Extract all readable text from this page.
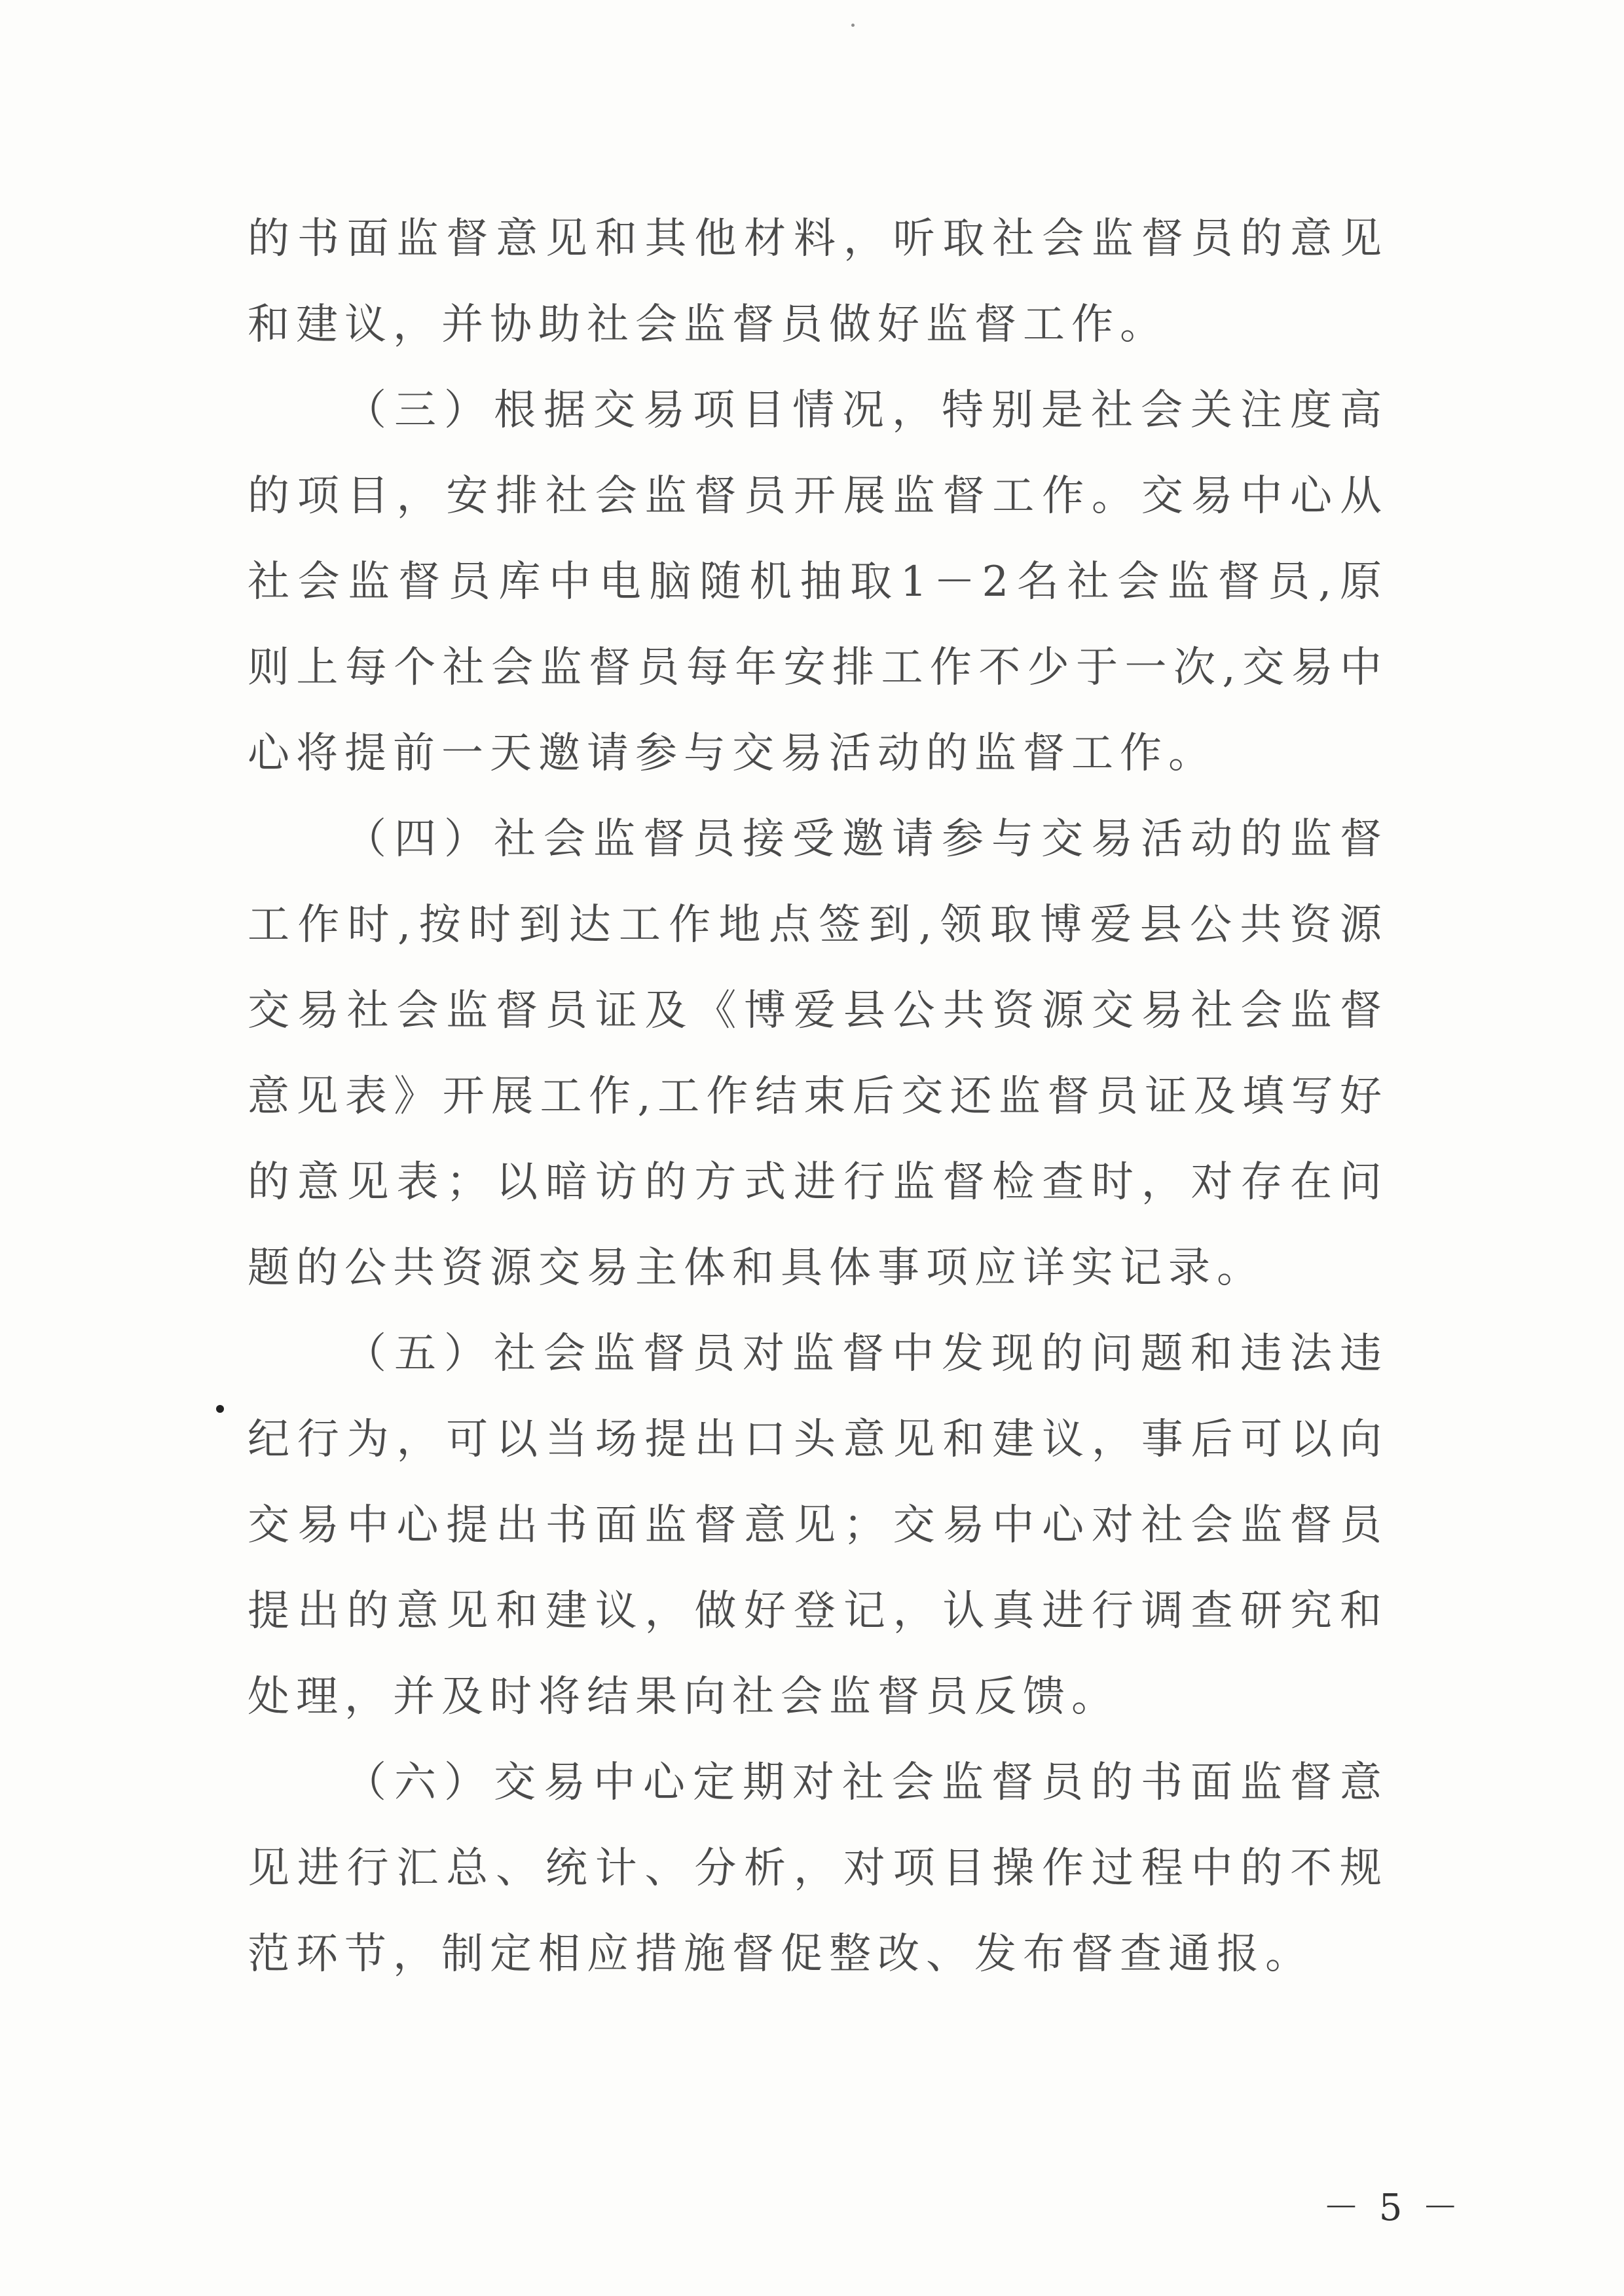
的书面监督意见和其他材料，听取社会监督员的意见和建议，并协助社会监督员做好监督工作。

（三）根据交易项目情况，特别是社会关注度高的项目，安排社会监督员开展监督工作。交易中心从社会监督员库中电脑随机抽取1－2名社会监督员,原则上每个社会监督员每年安排工作不少于一次,交易中心将提前一天邀请参与交易活动的监督工作。

（四）社会监督员接受邀请参与交易活动的监督工作时,按时到达工作地点签到,领取博爱县公共资源交易社会监督员证及《博爱县公共资源交易社会监督意见表》开展工作,工作结束后交还监督员证及填写好的意见表；以暗访的方式进行监督检查时，对存在问题的公共资源交易主体和具体事项应详实记录。

（五）社会监督员对监督中发现的问题和违法违纪行为，可以当场提出口头意见和建议，事后可以向交易中心提出书面监督意见；交易中心对社会监督员提出的意见和建议，做好登记，认真进行调查研究和处理，并及时将结果向社会监督员反馈。

（六）交易中心定期对社会监督员的书面监督意见进行汇总、统计、分析，对项目操作过程中的不规范环节，制定相应措施督促整改、发布督查通报。

－ 5 －
